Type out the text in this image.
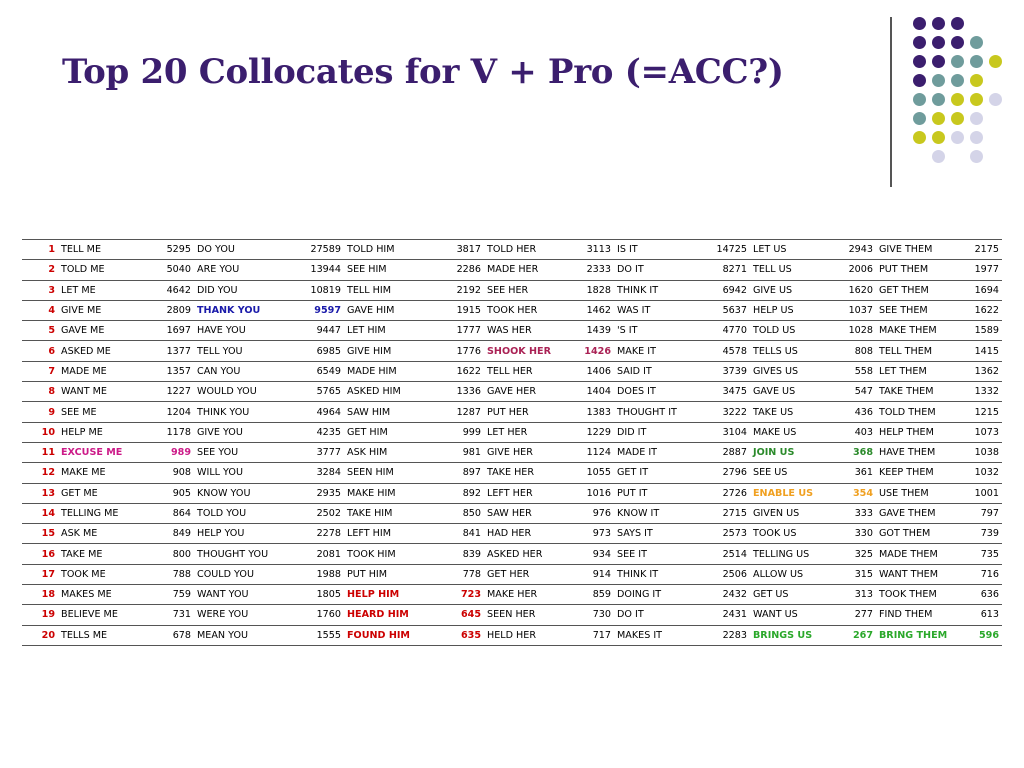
Top 20 Collocates for V + Pro (=ACC?)
1	TELL ME	5295	DO YOU	27589	TOLD HIM	3817	TOLD HER	3113	IS IT	14725	LET US	2943	GIVE THEM	2175
2	TOLD ME	5040	ARE YOU	13944	SEE HIM	2286	MADE HER	2333	DO IT	8271	TELL US	2006	PUT THEM	1977
3	LET ME	4642	DID YOU	10819	TELL HIM	2192	SEE HER	1828	THINK IT	6942	GIVE US	1620	GET THEM	1694
4	GIVE ME	2809	THANK YOU	9597	GAVE HIM	1915	TOOK HER	1462	WAS IT	5637	HELP US	1037	SEE THEM	1622
5	GAVE ME	1697	HAVE YOU	9447	LET HIM	1777	WAS HER	1439	'S IT	4770	TOLD US	1028	MAKE THEM	1589
6	ASKED ME	1377	TELL YOU	6985	GIVE HIM	1776	SHOOK HER	1426	MAKE IT	4578	TELLS US	808	TELL THEM	1415
7	MADE ME	1357	CAN YOU	6549	MADE HIM	1622	TELL HER	1406	SAID IT	3739	GIVES US	558	LET THEM	1362
8	WANT ME	1227	WOULD YOU	5765	ASKED HIM	1336	GAVE HER	1404	DOES IT	3475	GAVE US	547	TAKE THEM	1332
9	SEE ME	1204	THINK YOU	4964	SAW HIM	1287	PUT HER	1383	THOUGHT IT	3222	TAKE US	436	TOLD THEM	1215
10	HELP ME	1178	GIVE YOU	4235	GET HIM	999	LET HER	1229	DID IT	3104	MAKE US	403	HELP THEM	1073
11	EXCUSE ME	989	SEE YOU	3777	ASK HIM	981	GIVE HER	1124	MADE IT	2887	JOIN US	368	HAVE THEM	1038
12	MAKE ME	908	WILL YOU	3284	SEEN HIM	897	TAKE HER	1055	GET IT	2796	SEE US	361	KEEP THEM	1032
13	GET ME	905	KNOW YOU	2935	MAKE HIM	892	LEFT HER	1016	PUT IT	2726	ENABLE US	354	USE THEM	1001
14	TELLING ME	864	TOLD YOU	2502	TAKE HIM	850	SAW HER	976	KNOW IT	2715	GIVEN US	333	GAVE THEM	797
15	ASK ME	849	HELP YOU	2278	LEFT HIM	841	HAD HER	973	SAYS IT	2573	TOOK US	330	GOT THEM	739
16	TAKE ME	800	THOUGHT YOU	2081	TOOK HIM	839	ASKED HER	934	SEE IT	2514	TELLING US	325	MADE THEM	735
17	TOOK ME	788	COULD YOU	1988	PUT HIM	778	GET HER	914	THINK IT	2506	ALLOW US	315	WANT THEM	716
18	MAKES ME	759	WANT YOU	1805	HELP HIM	723	MAKE HER	859	DOING IT	2432	GET US	313	TOOK THEM	636
19	BELIEVE ME	731	WERE YOU	1760	HEARD HIM	645	SEEN HER	730	DO IT	2431	WANT US	277	FIND THEM	613
20	TELLS ME	678	MEAN YOU	1555	FOUND HIM	635	HELD HER	717	MAKES IT	2283	BRINGS US	267	BRING THEM	596
